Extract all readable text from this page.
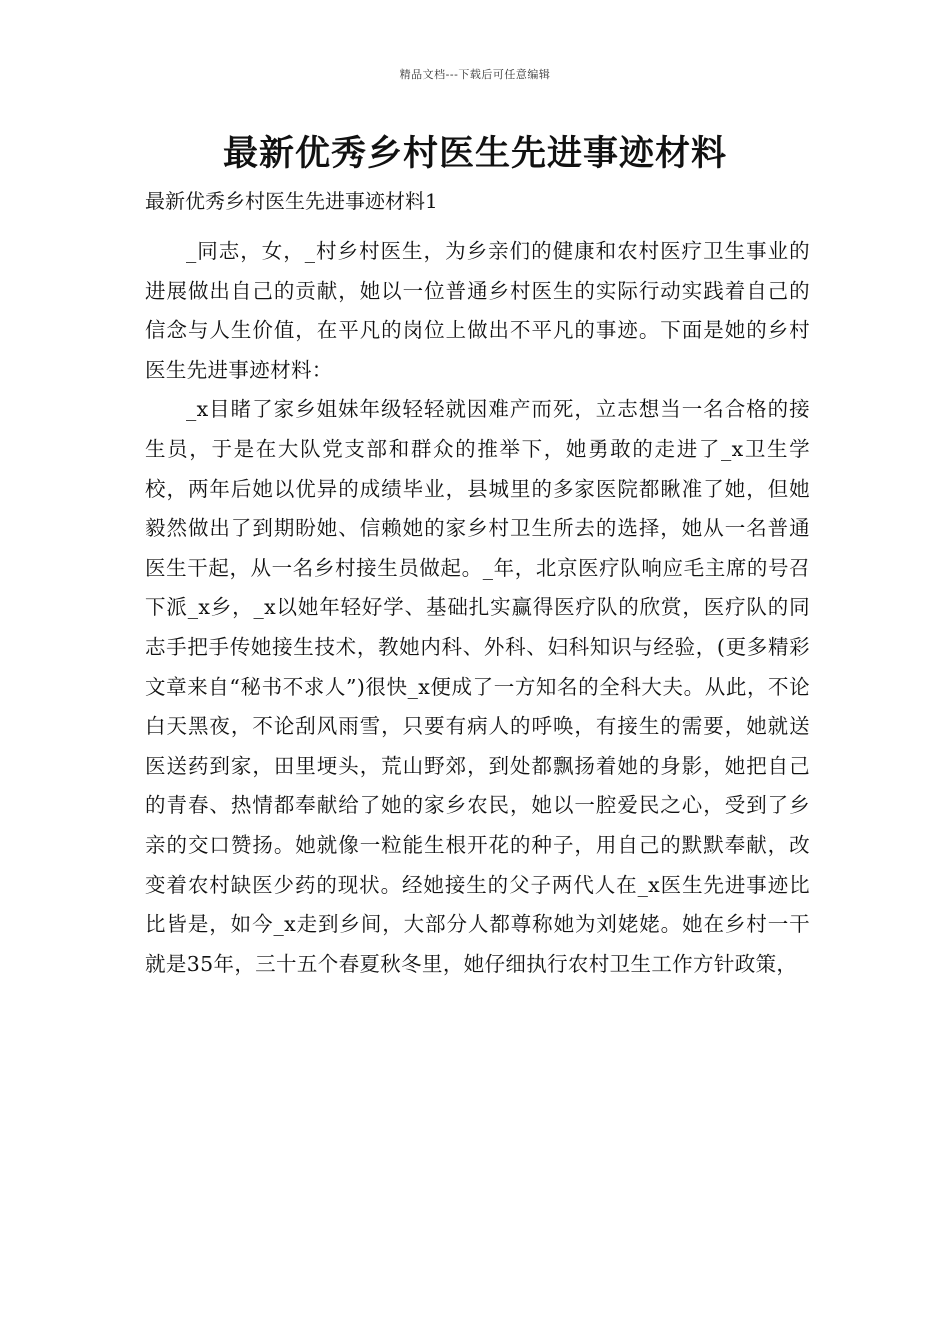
精品文档---下载后可任意编辑
最新优秀乡村医生先进事迹材料

最新优秀乡村医生先进事迹材料1

_同志，女，_村乡村医生，为乡亲们的健康和农村医疗卫生事业的进展做出自己的贡献，她以一位普通乡村医生的实际行动实践着自己的信念与人生价值，在平凡的岗位上做出不平凡的事迹。下面是她的乡村医生先进事迹材料：

_x目睹了家乡姐妹年级轻轻就因难产而死，立志想当一名合格的接生员，于是在大队党支部和群众的推举下，她勇敢的走进了_x卫生学校，两年后她以优异的成绩毕业，县城里的多家医院都瞅准了她，但她毅然做出了到期盼她、信赖她的家乡村卫生所去的选择，她从一名普通医生干起，从一名乡村接生员做起。_年，北京医疗队响应毛主席的号召下派_x乡，_x以她年轻好学、基础扎实赢得医疗队的欣赏，医疗队的同志手把手传她接生技术，教她内科、外科、妇科知识与经验，(更多精彩文章来自“秘书不求人”)很快_x便成了一方知名的全科大夫。从此，不论白天黑夜，不论刮风雨雪，只要有病人的呼唤，有接生的需要，她就送医送药到家，田里埂头，荒山野郊，到处都飘扬着她的身影，她把自己的青春、热情都奉献给了她的家乡农民，她以一腔爱民之心，受到了乡亲的交口赞扬。她就像一粒能生根开花的种子，用自己的默默奉献，改变着农村缺医少药的现状。经她接生的父子两代人在_x医生先进事迹比比皆是，如今_x走到乡间，大部分人都尊称她为刘姥姥。她在乡村一干就是35年，三十五个春夏秋冬里，她仔细执行农村卫生工作方针政策，
